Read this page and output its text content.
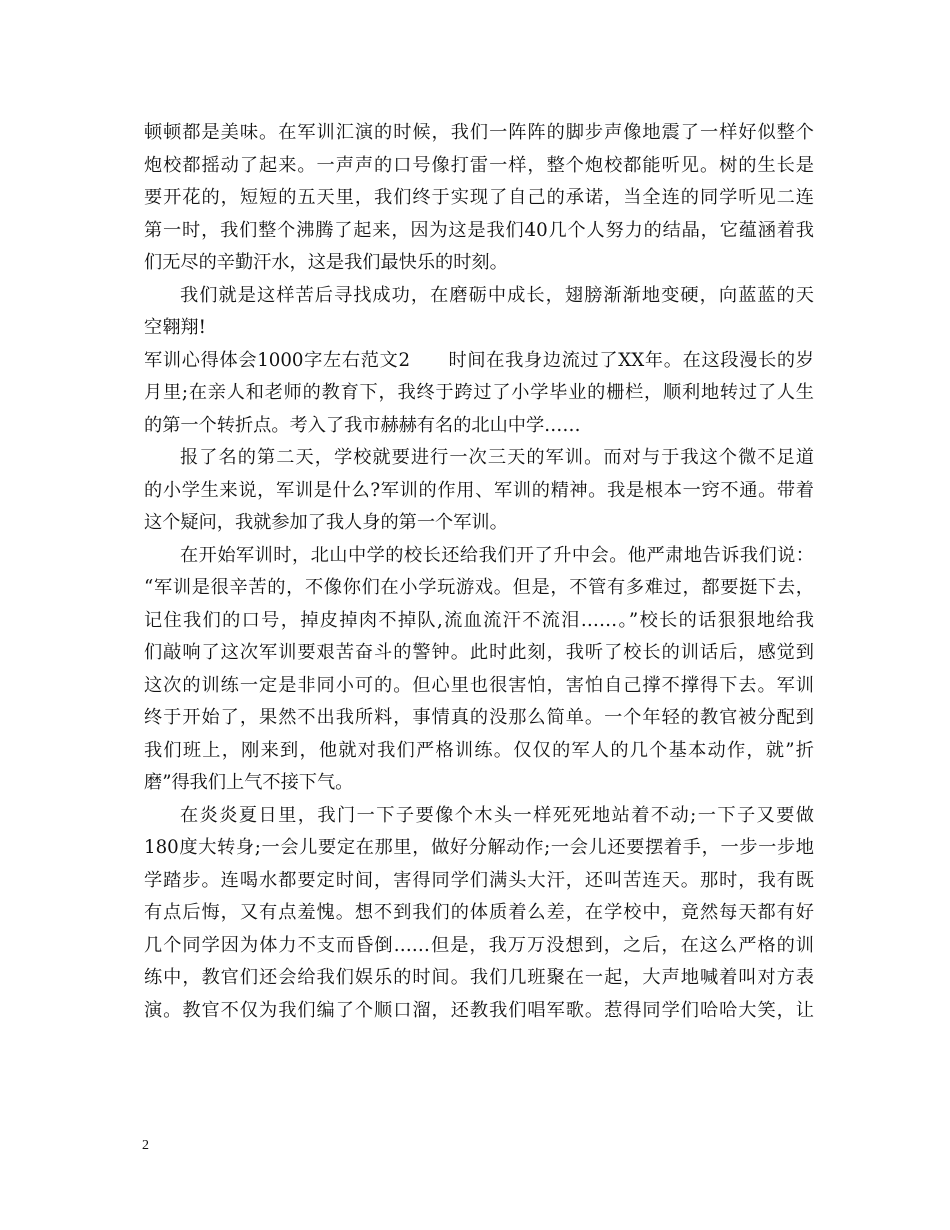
顿顿都是美味。在军训汇演的时候，我们一阵阵的脚步声像地震了一样好似整个
炮校都摇动了起来。一声声的口号像打雷一样，整个炮校都能听见。树的生长是
要开花的，短短的五天里，我们终于实现了自己的承诺，当全连的同学听见二连
第一时，我们整个沸腾了起来，因为这是我们40几个人努力的结晶，它蕴涵着我
们无尽的辛勤汗水，这是我们最快乐的时刻。
我们就是这样苦后寻找成功，在磨砺中成长，翅膀渐渐地变硬，向蓝蓝的天
空翱翔!
军训心得体会1000字左右范文2　　时间在我身边流过了XX年。在这段漫长的岁
月里;在亲人和老师的教育下，我终于跨过了小学毕业的栅栏，顺利地转过了人生
的第一个转折点。考入了我市赫赫有名的北山中学……
报了名的第二天，学校就要进行一次三天的军训。而对与于我这个微不足道
的小学生来说，军训是什么?军训的作用、军训的精神。我是根本一窍不通。带着
这个疑问，我就参加了我人身的第一个军训。
在开始军训时，北山中学的校长还给我们开了升中会。他严肃地告诉我们说：
“军训是很辛苦的，不像你们在小学玩游戏。但是，不管有多难过，都要挺下去，
记住我们的口号，掉皮掉肉不掉队,流血流汗不流泪……。”校长的话狠狠地给我
们敲响了这次军训要艰苦奋斗的警钟。此时此刻，我听了校长的训话后，感觉到
这次的训练一定是非同小可的。但心里也很害怕，害怕自己撑不撑得下去。军训
终于开始了，果然不出我所料，事情真的没那么简单。一个年轻的教官被分配到
我们班上，刚来到，他就对我们严格训练。仅仅的军人的几个基本动作，就”折
磨”得我们上气不接下气。
在炎炎夏日里，我门一下子要像个木头一样死死地站着不动;一下子又要做
180度大转身;一会儿要定在那里，做好分解动作;一会儿还要摆着手，一步一步地
学踏步。连喝水都要定时间，害得同学们满头大汗，还叫苦连天。那时，我有既
有点后悔，又有点羞愧。想不到我们的体质着么差，在学校中，竟然每天都有好
几个同学因为体力不支而昏倒……但是，我万万没想到，之后，在这么严格的训
练中，教官们还会给我们娱乐的时间。我们几班聚在一起，大声地喊着叫对方表
演。教官不仅为我们编了个顺口溜，还教我们唱军歌。惹得同学们哈哈大笑，让
2
